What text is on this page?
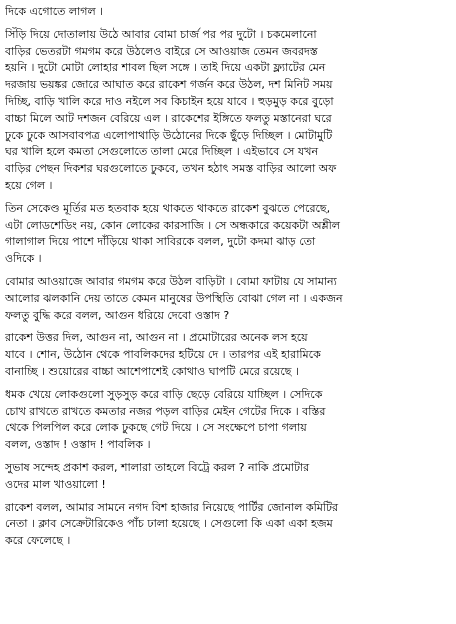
দিকে এগোতে লাগল ।
সিঁড়ি দিয়ে দোতালায় উঠে আবার বোমা চার্জ পর পর দুটো । চকমেলানো
বাড়ির ভেতরটা গমগম করে উঠলেও বাইরে সে আওয়াজ তেমন জবরদস্ত
হয়নি । দুটো মোটা লোহার শাবল ছিল সঙ্গে । তাই দিয়ে একটা ফ্ল্যাটের মেন
দরজায় ভয়ঙ্কর জোরে আঘাত করে রাকেশ গর্জন করে উঠল, দশ মিনিট সময়
দিচ্ছি, বাড়ি খালি করে দাও নইলে সব কিচাইন হয়ে যাবে । হুড়মুড় করে বুড়ো
বাচ্চা মিলে আট দশজন বেরিয়ে এল । রাকেশের ইঙ্গিতে ফলতু মস্তানেরা ঘরে
ঢুকে ঢুকে আসবাবপত্র এলোপাথাড়ি উঠোনের দিকে ছুঁড়ে দিচ্ছিল । মোটামুটি
ঘর খালি হলে কমতা সেগুলোতে তালা মেরে দিচ্ছিল । এইভাবে সে যখন
বাড়ির পেছন দিকশর ঘরগুলোতে ঢুকবে, তখন হঠাৎ সমস্ত বাড়ির আলো অফ
হয়ে গেল ।
তিন সেকেণ্ড মূর্তির মত হতবাক হয়ে থাকতে থাকতে রাকেশ বুঝতে পেরেছে,
এটা লোডশেডিং নয়, কোন লোকের কারসাজি । সে অন্ধকারে কয়েকটা অশ্লীল
গালাগাল দিয়ে পাশে দাঁড়িয়ে থাকা সাবিরকে বলল, দুটো কদমা ঝাড় তো
ওদিকে ।
বোমার আওয়াজে আবার গমগম করে উঠল বাড়িটা । বোমা ফাটায় যে সামান্য
আলোর ঝলকানি দেয় তাতে কেমন মানুষের উপস্থিতি বোঝা গেল না । একজন
ফলতু বুদ্ধি করে বলল, আগুন ধরিয়ে দেবো ওস্তাদ ?
রাকেশ উত্তর দিল, আগুন না, আগুন না । প্রমোটারের অনেক লস হয়ে
যাবে । শোন, উঠোন থেকে পাবলিকদের হটিয়ে দে । তারপর এই হারামিকে
বানাচ্ছি । শুয়োরের বাচ্চা আশেপাশেই কোথাও ঘাপটি মেরে রয়েছে ।
ধমক খেয়ে লোকগুলো সুড়সুড় করে বাড়ি ছেড়ে বেরিয়ে যাচ্ছিল । সেদিকে
চোখ রাখতে রাখতে কমতার নজর পড়ল বাড়ির মেইন গেটের দিকে । বস্তির
থেকে পিলপিল করে লোক ঢুকছে গেট দিয়ে । সে সংক্ষেপে চাপা গলায়
বলল, ওস্তাদ ! ওস্তাদ ! পাবলিক ।
সুভাষ সন্দেহ প্রকাশ করল, শালারা তাহলে বিট্রে করল ? নাকি প্রমোটার
ওদের মাল খাওয়ালো !
রাকেশ বলল, আমার সামনে নগদ বিশ হাজার নিয়েছে পার্টির জোনাল কমিটির
নেতা । ক্লাব সেক্রেটারিকেও পাঁচ ঢালা হয়েছে । সেগুলো কি একা একা হজম
করে ফেলেছে ।
